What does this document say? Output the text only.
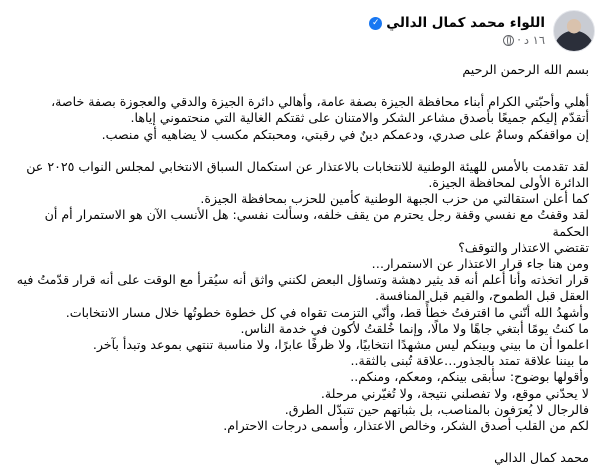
اللواء محمد كمال الدالي
✓
١٦ د
·

بسم الله الرحمن الرحيم

أهلي وأحبّتي الكرام أبناء محافظة الجيزة بصفة عامة، وأهالي دائرة الجيزة والدقي والعجوزة بصفة خاصة،

أتقدّم إليكم جميعًا بأصدق مشاعر الشكر والامتنان على ثقتكم الغالية التي منحتموني إياها.

إن مواقفكم وسامٌ على صدري، ودعمكم دينٌ في رقبتي، ومحبتكم مكسب لا يضاهيه أي منصب.

لقد تقدمت بالأمس للهيئة الوطنية للانتخابات بالاعتذار عن استكمال السباق الانتخابي لمجلس النواب ٢٠٢٥ عن

الدائرة الأولى لمحافظة الجيزة.

كما أعلن استقالتي من حزب الجبهة الوطنية كأمين للحزب بمحافظة الجيزة.

لقد وقفتُ مع نفسي وقفة رجل يحترم من يقف خلفه، وسألت نفسي: هل الأنسب الآن هو الاستمرار أم أن الحكمة

تقتضي الاعتذار والتوقف؟

ومن هنا جاء قرار الاعتذار عن الاستمرار…

قرار اتخذته وأنا أعلم أنه قد يثير دهشة وتساؤل البعض لكنني واثق أنه سيُقرأ مع الوقت على أنه قرار قدّمتُ فيه

العقل قبل الطموح، والقيم قبل المنافسة.

وأشهدُ الله أنّني ما اقترفتُ خطأً قط، وأنّي التزمت تقواه في كل خطوة خطوتُها خلال مسار الانتخابات.

ما كنتُ يومًا أبتغي جاهًا ولا مالًا، وإنما خُلقتُ لأكون في خدمة الناس.

اعلموا أن ما بيني وبينكم ليس مشهدًا انتخابيًا، ولا ظرفًا عابرًا، ولا مناسبة تنتهي بموعد وتبدأ بآخر.

ما بيننا علاقة تمتد بالجذور…علاقة تُبنى بالثقة..

وأقولها بوضوح: سأبقى بينكم، ومعكم، ومنكم..

لا يحدّني موقع، ولا تفصلني نتيجة، ولا تُغيّرني مرحلة.

فالرجال لا يُعرَفون بالمناصب، بل بثباتهم حين تتبدّل الطرق.

لكم من القلب أصدق الشكر، وخالص الاعتذار، وأسمى درجات الاحترام.

محمد كمال الدالي
